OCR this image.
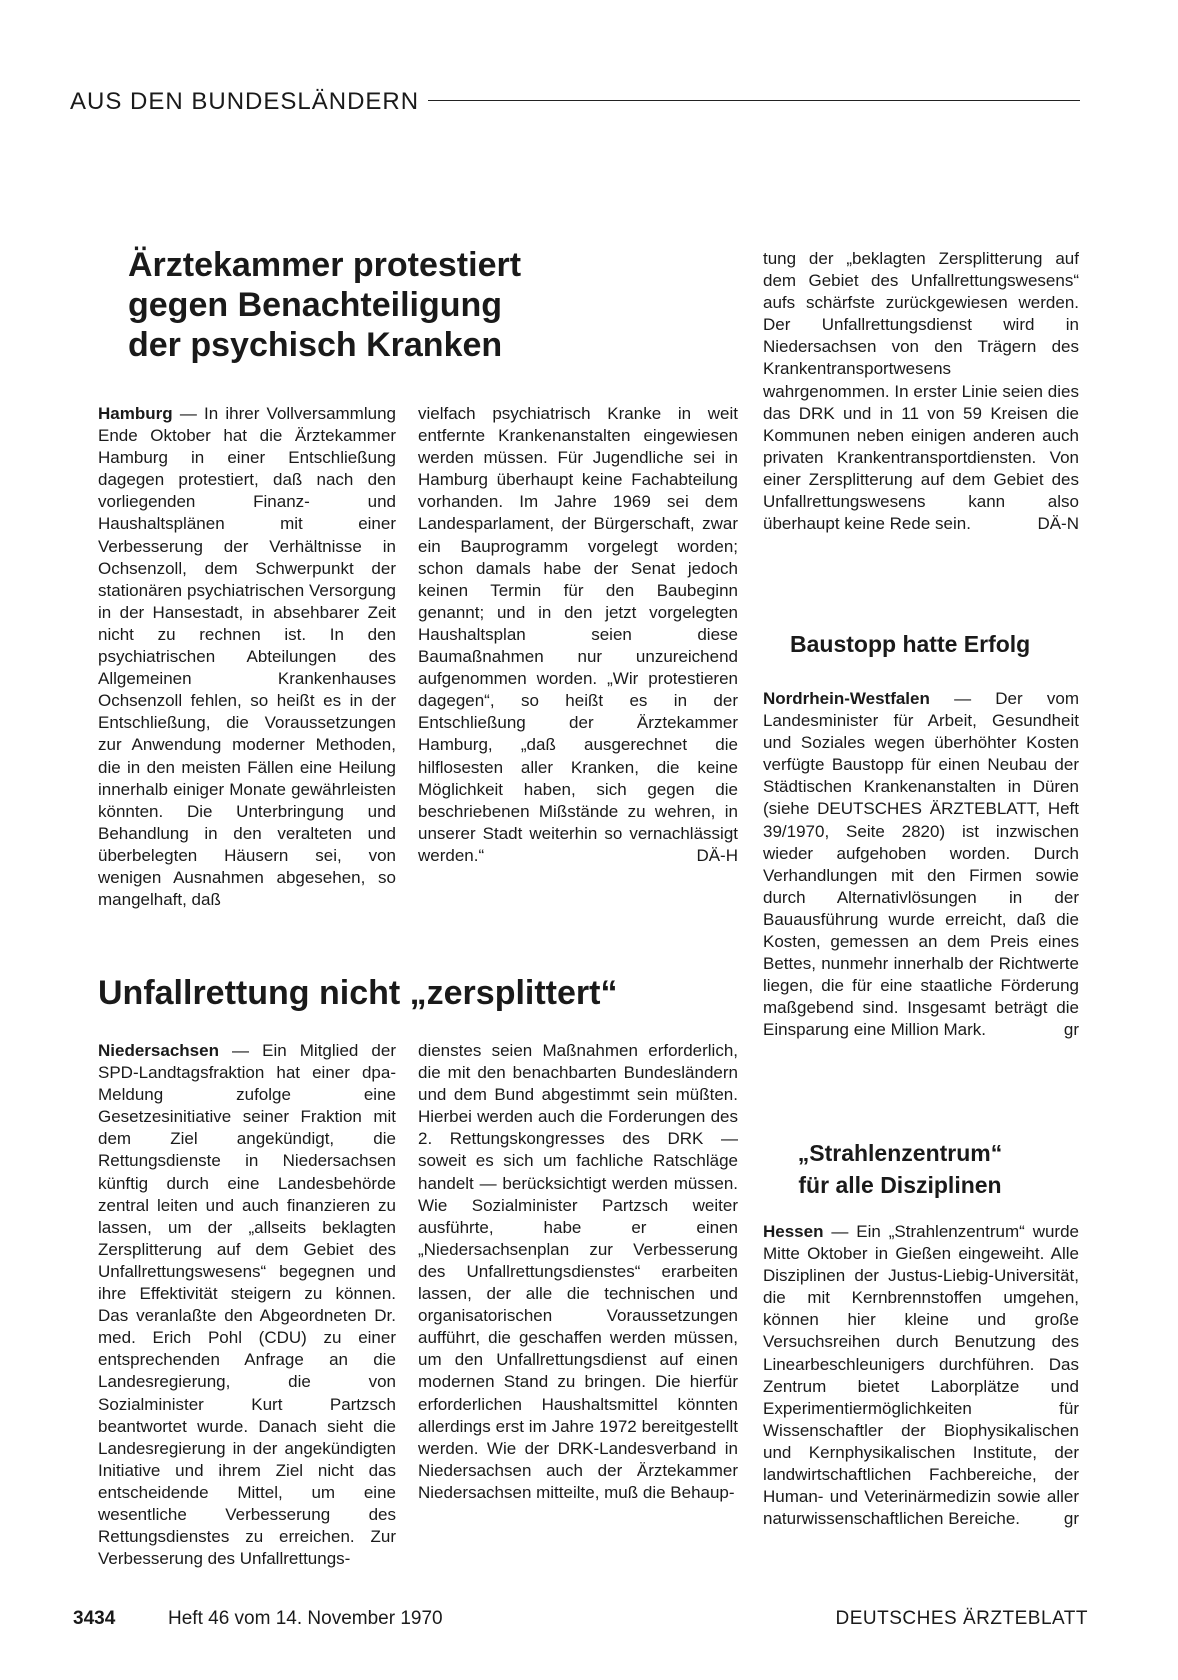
AUS DEN BUNDESLÄNDERN
Ärztekammer protestiert
gegen Benachteiligung
der psychisch Kranken

Hamburg — In ihrer Vollversammlung Ende Oktober hat die Ärztekammer Hamburg in einer Entschließung dagegen protestiert, daß nach den vorliegenden Finanz- und Haushaltsplänen mit einer Verbesserung der Verhältnisse in Ochsenzoll, dem Schwerpunkt der stationären psychiatrischen Versorgung in der Hansestadt, in absehbarer Zeit nicht zu rechnen ist. In den psychiatrischen Abteilungen des Allgemeinen Krankenhauses Ochsenzoll fehlen, so heißt es in der Entschließung, die Voraussetzungen zur Anwendung moderner Methoden, die in den meisten Fällen eine Heilung innerhalb einiger Monate gewährleisten könnten. Die Unterbringung und Behandlung in den veralteten und überbelegten Häusern sei, von wenigen Ausnahmen abgesehen, so mangelhaft, daß

vielfach psychiatrisch Kranke in weit entfernte Krankenanstalten eingewiesen werden müssen. Für Jugendliche sei in Hamburg überhaupt keine Fachabteilung vorhanden. Im Jahre 1969 sei dem Landesparlament, der Bürgerschaft, zwar ein Bauprogramm vorgelegt worden; schon damals habe der Senat jedoch keinen Termin für den Baubeginn genannt; und in den jetzt vorgelegten Haushaltsplan seien diese Baumaßnahmen nur unzureichend aufgenommen worden. „Wir protestieren dagegen“, so heißt es in der Entschließung der Ärztekammer Hamburg, „daß ausgerechnet die hilflosesten aller Kranken, die keine Möglichkeit haben, sich gegen die beschriebenen Mißstände zu wehren, in unserer Stadt weiterhin so vernachlässigt werden.“	DÄ-H

Unfallrettung nicht „zersplittert“

Niedersachsen — Ein Mitglied der SPD-Landtagsfraktion hat einer dpa-Meldung zufolge eine Gesetzesinitiative seiner Fraktion mit dem Ziel angekündigt, die Rettungsdienste in Niedersachsen künftig durch eine Landesbehörde zentral leiten und auch finanzieren zu lassen, um der „allseits beklagten Zersplitterung auf dem Gebiet des Unfallrettungswesens“ begegnen und ihre Effektivität steigern zu können. Das veranlaßte den Abgeordneten Dr. med. Erich Pohl (CDU) zu einer entsprechenden Anfrage an die Landesregierung, die von Sozialminister Kurt Partzsch beantwortet wurde. Danach sieht die Landesregierung in der angekündigten Initiative und ihrem Ziel nicht das entscheidende Mittel, um eine wesentliche Verbesserung des Rettungsdienstes zu erreichen. Zur Verbesserung des Unfallrettungs-

dienstes seien Maßnahmen erforderlich, die mit den benachbarten Bundesländern und dem Bund abgestimmt sein müßten. Hierbei werden auch die Forderungen des 2. Rettungskongresses des DRK — soweit es sich um fachliche Ratschläge handelt — berücksichtigt werden müssen. Wie Sozialminister Partzsch weiter ausführte, habe er einen „Niedersachsenplan zur Verbesserung des Unfallrettungsdienstes“ erarbeiten lassen, der alle die technischen und organisatorischen Voraussetzungen aufführt, die geschaffen werden müssen, um den Unfallrettungsdienst auf einen modernen Stand zu bringen. Die hierfür erforderlichen Haushaltsmittel könnten allerdings erst im Jahre 1972 bereitgestellt werden. Wie der DRK-Landesverband in Niedersachsen auch der Ärztekammer Niedersachsen mitteilte, muß die Behaup-

tung der „beklagten Zersplitterung auf dem Gebiet des Unfallrettungswesens“ aufs schärfste zurückgewiesen werden. Der Unfallrettungsdienst wird in Niedersachsen von den Trägern des Krankentransportwesens wahrgenommen. In erster Linie seien dies das DRK und in 11 von 59 Kreisen die Kommunen neben einigen anderen auch privaten Krankentransportdiensten. Von einer Zersplitterung auf dem Gebiet des Unfallrettungswesens kann also überhaupt keine Rede sein.	DÄ-N

Baustopp hatte Erfolg

Nordrhein-Westfalen — Der vom Landesminister für Arbeit, Gesundheit und Soziales wegen überhöhter Kosten verfügte Baustopp für einen Neubau der Städtischen Krankenanstalten in Düren (siehe DEUTSCHES ÄRZTEBLATT, Heft 39/1970, Seite 2820) ist inzwischen wieder aufgehoben worden. Durch Verhandlungen mit den Firmen sowie durch Alternativlösungen in der Bauausführung wurde erreicht, daß die Kosten, gemessen an dem Preis eines Bettes, nunmehr innerhalb der Richtwerte liegen, die für eine staatliche Förderung maßgebend sind. Insgesamt beträgt die Einsparung eine Million Mark.	gr

„Strahlenzentrum“
für alle Disziplinen

Hessen — Ein „Strahlenzentrum“ wurde Mitte Oktober in Gießen eingeweiht. Alle Disziplinen der Justus-Liebig-Universität, die mit Kernbrennstoffen umgehen, können hier kleine und große Versuchsreihen durch Benutzung des Linearbeschleunigers durchführen. Das Zentrum bietet Laborplätze und Experimentiermöglichkeiten für Wissenschaftler der Biophysikalischen und Kernphysikalischen Institute, der landwirtschaftlichen Fachbereiche, der Human- und Veterinärmedizin sowie aller naturwissenschaftlichen Bereiche.	gr

3434	Heft 46 vom 14. November 1970	DEUTSCHES ÄRZTEBLATT
